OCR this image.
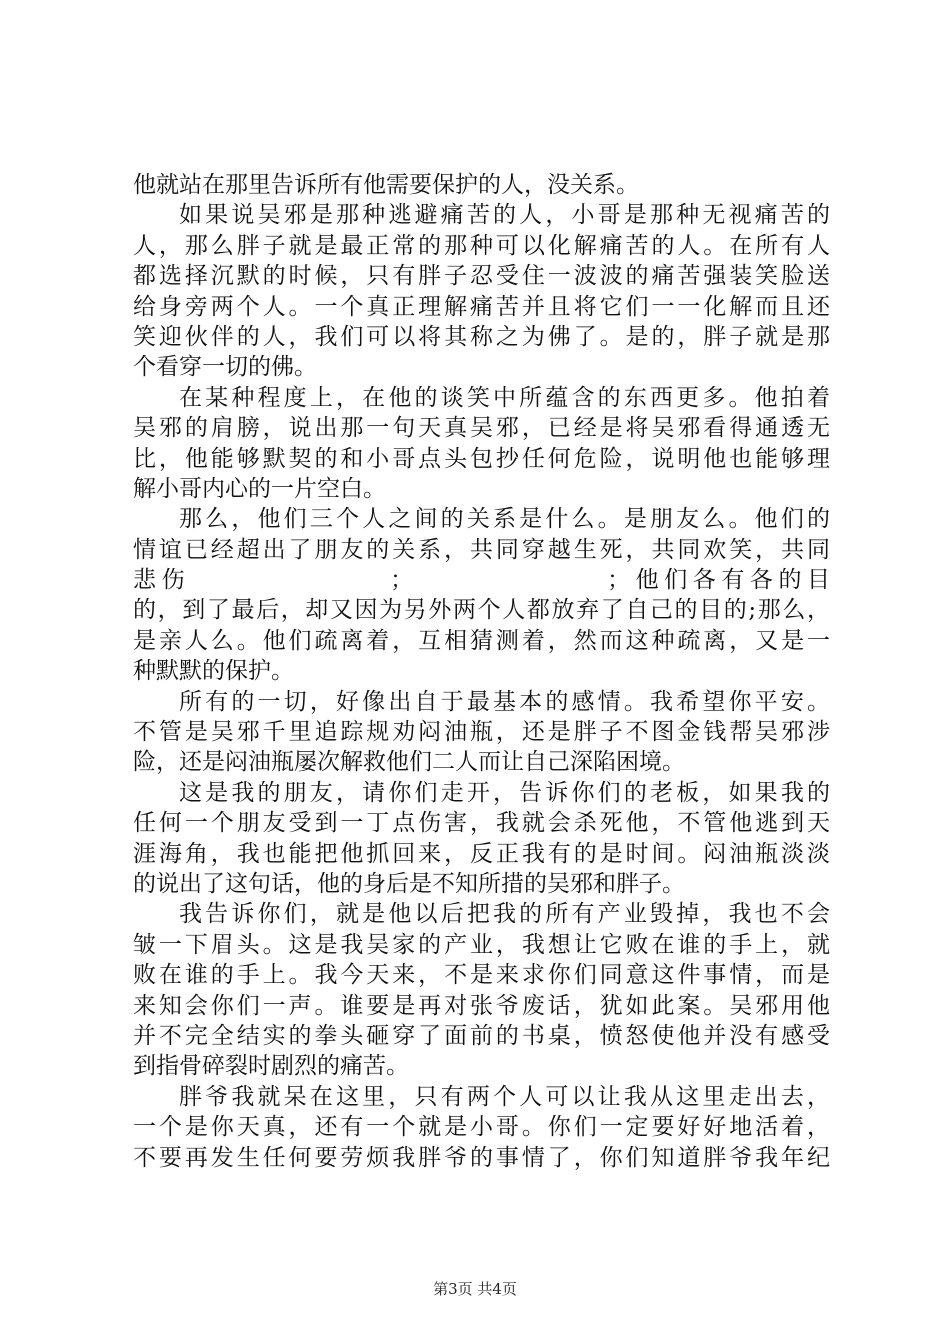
他就站在那里告诉所有他需要保护的人，没关系。
如果说吴邪是那种逃避痛苦的人，小哥是那种无视痛苦的
人，那么胖子就是最正常的那种可以化解痛苦的人。在所有人
都选择沉默的时候，只有胖子忍受住一波波的痛苦强装笑脸送
给身旁两个人。一个真正理解痛苦并且将它们一一化解而且还
笑迎伙伴的人，我们可以将其称之为佛了。是的，胖子就是那
个看穿一切的佛。
在某种程度上，在他的谈笑中所蕴含的东西更多。他拍着
吴邪的肩膀，说出那一句天真吴邪，已经是将吴邪看得通透无
比，他能够默契的和小哥点头包抄任何危险，说明他也能够理
解小哥内心的一片空白。
那么，他们三个人之间的关系是什么。是朋友么。他们的
情谊已经超出了朋友的关系，共同穿越生死，共同欢笑，共同
悲伤　　　　　　　；　　　　　　　；他们各有各的目
的，到了最后，却又因为另外两个人都放弃了自己的目的;那么，
是亲人么。他们疏离着，互相猜测着，然而这种疏离，又是一
种默默的保护。
所有的一切，好像出自于最基本的感情。我希望你平安。
不管是吴邪千里追踪规劝闷油瓶，还是胖子不图金钱帮吴邪涉
险，还是闷油瓶屡次解救他们二人而让自己深陷困境。
这是我的朋友，请你们走开，告诉你们的老板，如果我的
任何一个朋友受到一丁点伤害，我就会杀死他，不管他逃到天
涯海角，我也能把他抓回来，反正我有的是时间。闷油瓶淡淡
的说出了这句话，他的身后是不知所措的吴邪和胖子。
我告诉你们，就是他以后把我的所有产业毁掉，我也不会
皱一下眉头。这是我吴家的产业，我想让它败在谁的手上，就
败在谁的手上。我今天来，不是来求你们同意这件事情，而是
来知会你们一声。谁要是再对张爷废话，犹如此案。吴邪用他
并不完全结实的拳头砸穿了面前的书桌，愤怒使他并没有感受
到指骨碎裂时剧烈的痛苦。
胖爷我就呆在这里，只有两个人可以让我从这里走出去，
一个是你天真，还有一个就是小哥。你们一定要好好地活着，
不要再发生任何要劳烦我胖爷的事情了，你们知道胖爷我年纪
第3页 共4页
